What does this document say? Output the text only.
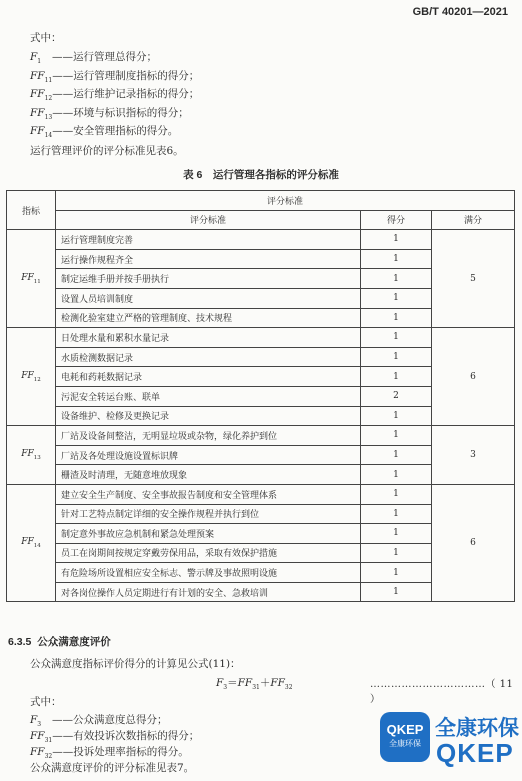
GB/T 40201—2021
式中：
$F_1$ ——运行管理总得分；
$FF_{11}——$运行管理制度指标的得分；
$FF_{12}——$运行维护记录指标的得分；
$FF_{13}——$环境与标识指标的得分；
$FF_{14}——$安全管理指标的得分。
运行管理评价的评分标准见表6。
表 6　运行管理各指标的评分标准
指标	评分标准		
	评分标准	得分	满分
$FF_{11}$	运行管理制度完善	1	5
	运行操作规程齐全	1	
	制定运维手册并按手册执行	1	
	设置人员培训制度	1	
	检测化验室建立严格的管理制度、技术规程	1	
$FF_{12}$	日处理水量和累积水量记录	1	6
	水质检测数据记录	1	
	电耗和药耗数据记录	1	
	污泥安全转运台账、联单	2	
	设备维护、检修及更换记录	1	
$FF_{13}$	厂站及设备间整洁，无明显垃圾或杂物，绿化养护到位	1	3
	厂站及各处理设施设置标识牌	1	
	栅渣及时清理，无随意堆放现象	1	
$FF_{14}$	建立安全生产制度、安全事故报告制度和安全管理体系	1	6
	针对工艺特点制定详细的安全操作规程并执行到位	1	
	制定意外事故应急机制和紧急处理预案	1	
	员工在岗期间按规定穿戴劳保用品，采取有效保护措施	1	
	有危险场所设置相应安全标志、警示牌及事故照明设施	1	
	对各岗位操作人员定期进行有计划的安全、急救培训	1	
6.3.5 公众满意度评价
公众满意度指标评价得分的计算见公式(11)：
$F_3=FF_{31}+FF_{32}$	……………………………（ 11 ）
式中：
$F_3$ ——公众满意度总得分；
$FF_{31}——$有效投诉次数指标的得分；
$FF_{32}——$投诉处理率指标的得分。
公众满意度评价的评分标准见表7。
QKEP
全康环保
全康环保
QKEP
